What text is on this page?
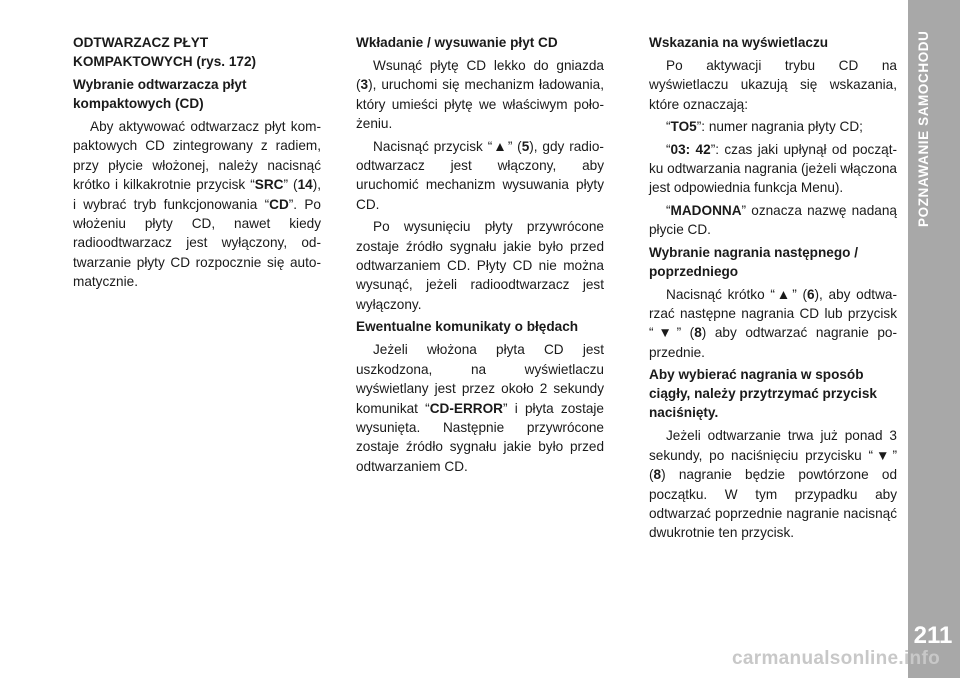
POZNAWANIE SAMOCHODU
211
ODTWARZACZ PŁYT KOMPAKTOWYCH (rys. 172)
Wybranie odtwarzacza płyt kompaktowych (CD)

Aby aktywować odtwarzacz płyt kompaktowych CD zintegrowany z radiem, przy płycie włożonej, należy nacisnąć krótko i kilkakrotnie przycisk “SRC” (14), i wybrać tryb funkcjonowania “CD”. Po włożeniu płyty CD, nawet kiedy radioodtwarzacz jest wyłączony, odtwarzanie płyty CD rozpocznie się automatycznie.

Wkładanie / wysuwanie płyt CD

Wsunąć płytę CD lekko do gniazda (3), uruchomi się mechanizm ładowania, który umieści płytę we właściwym położeniu.

Nacisnąć przycisk “▲” (5), gdy radioodtwarzacz jest włączony, aby uruchomić mechanizm wysuwania płyty CD.

Po wysunięciu płyty przywrócone zostaje źródło sygnału jakie było przed odtwarzaniem CD. Płyty CD nie można wysunąć, jeżeli radioodtwarzacz jest wyłączony.

Ewentualne komunikaty o błędach

Jeżeli włożona płyta CD jest uszkodzona, na wyświetlaczu wyświetlany jest przez około 2 sekundy komunikat “CD-ERROR” i płyta zostaje wysunięta. Następnie przywrócone zostaje źródło sygnału jakie było przed odtwarzaniem CD.

Wskazania na wyświetlaczu

Po aktywacji trybu CD na wyświetlaczu ukazują się wskazania, które oznaczają:

“TO5”: numer nagrania płyty CD;

“03: 42”: czas jaki upłynął od początku odtwarzania nagrania (jeżeli włączona jest odpowiednia funkcja Menu).

“MADONNA” oznacza nazwę nadaną płycie CD.

Wybranie nagrania następnego / poprzedniego

Nacisnąć krótko “▲” (6), aby odtwarzać następne nagrania CD lub przycisk “▼” (8) aby odtwarzać nagranie poprzednie.

Aby wybierać nagrania w sposób ciągły, należy przytrzymać przycisk naciśnięty.

Jeżeli odtwarzanie trwa już ponad 3 sekundy, po naciśnięciu przycisku “▼” (8) nagranie będzie powtórzone od początku. W tym przypadku aby odtwarzać poprzednie nagranie nacisnąć dwukrotnie ten przycisk.

carmanualsonline.info
